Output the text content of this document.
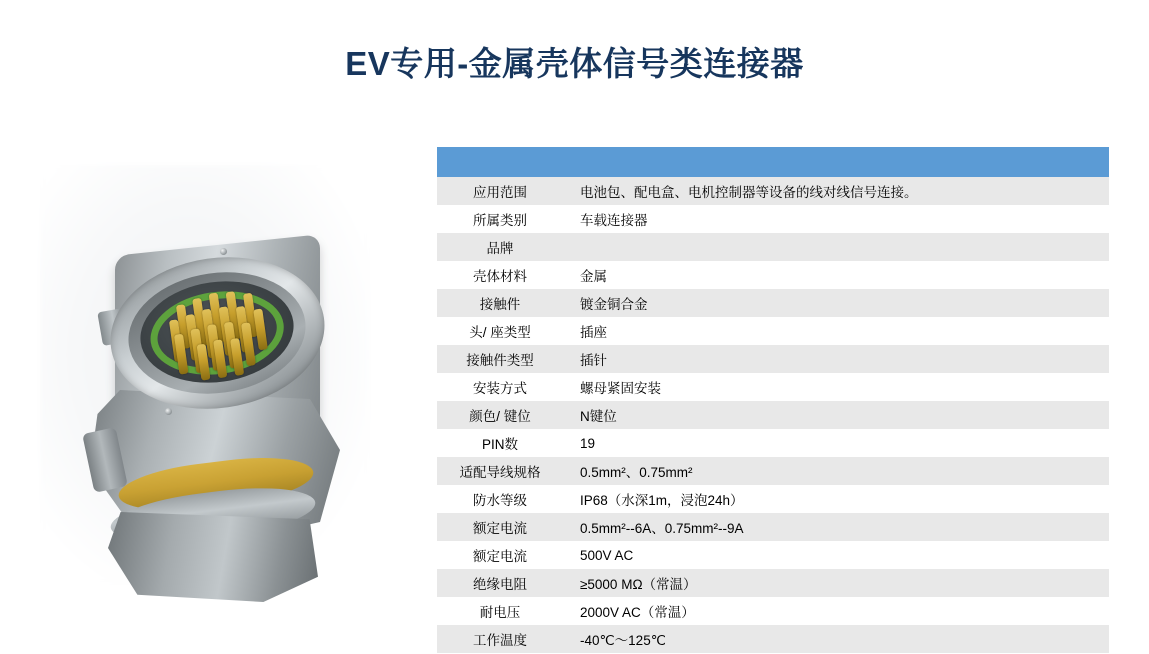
EV专用-金属壳体信号类连接器

应用范围	电池包、配电盒、电机控制器等设备的线对线信号连接。
所属类别	车载连接器
品牌	
壳体材料	金属
接触件	镀金铜合金
头/ 座类型	插座
接触件类型	插针
安装方式	螺母紧固安装
颜色/ 键位	N键位
PIN数	19
适配导线规格	0.5mm²、0.75mm²
防水等级	IP68（水深1m，浸泡24h）
额定电流	0.5mm²--6A、0.75mm²--9A
额定电流	500V AC
绝缘电阻	≥5000 MΩ（常温）
耐电压	2000V AC（常温）
工作温度	-40℃～125℃
